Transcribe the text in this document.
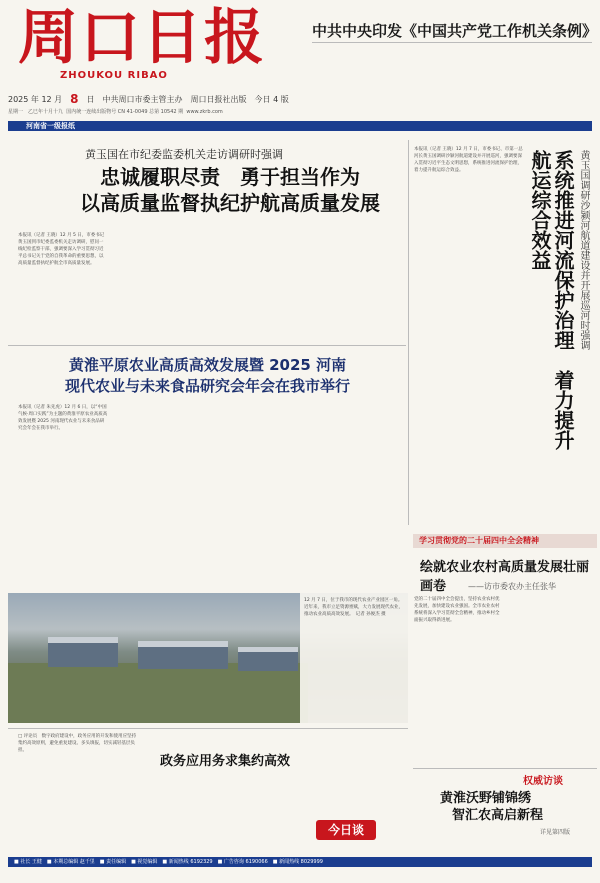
周口日报
ZHOUKOU RIBAO
中共中央印发《中国共产党工作机关条例》
2025 年 12 月 8 日 中共周口市委主管主办 周口日报社出版 今日 4 版
星期一　乙巳年十月十九 国内统一连续出版物号 CN 41-0049 总第 10542 期 www.zkrb.com
河南省一级报纸
黄玉国在市纪委监委机关走访调研时强调
忠诚履职尽责　勇于担当作为
以高质量监督执纪护航高质量发展
本报讯（记者 王晓）12 月 5 日，市委书记黄玉国到市纪委监委机关走访调研，慰问一线纪检监察干部，强调要深入学习贯彻习近平总书记关于党的自我革命的重要思想，以高质量监督执纪护航全市高质量发展。	系统推进河流保护治理　着力提升航运综合效益	黄玉国调研沙颍河航道建设并开展巡河时强调
本报讯（记者 王晓）12 月 7 日，市委书记、市第一总河长黄玉国调研沙颍河航道建设并开展巡河，强调要深入贯彻习近平生态文明思想，系统推进河流保护治理，着力提升航运综合效益。
黄淮平原农业高质高效发展暨 2025 河南
现代农业与未来食品研究会年会在我市举行
本报讯（记者 朱先虎）12 月 6 日，以“中国气候·周口实践”为主题的黄淮平原农业高质高效发展暨 2025 河南现代农业与未来食品研究会年会在我市举行。
学习贯彻党的二十届四中全会精神
绘就农业农村高质量发展壮丽画卷	——访市委农办主任张华
党的二十届四中全会提出，坚持农业农村优先发展，加快建设农业强国。全市农业农村系统将深入学习贯彻全会精神，推动乡村全面振兴取得新进展。
12 月 7 日，位于我市的现代农业产业园区一角。近年来，我市立足资源禀赋，大力发展现代农业，推动农业高质高效发展。　记者 孙俊杰 摄
□ 评论员　数字政府建设中，政务应用的开发和使用应坚持集约高效原则，避免重复建设、多头填报，切实减轻基层负担。
政务应用务求集约高效
今日谈
权威访谈
黄淮沃野铺锦绣
智汇农高启新程
详见第四版
■ 社长 王健　■ 本期总编辑 赵千里　■ 责任编辑　■ 视觉编辑　■ 新闻热线 6192329　■ 广告咨询 6190066　■ 新闻热线 8029999
